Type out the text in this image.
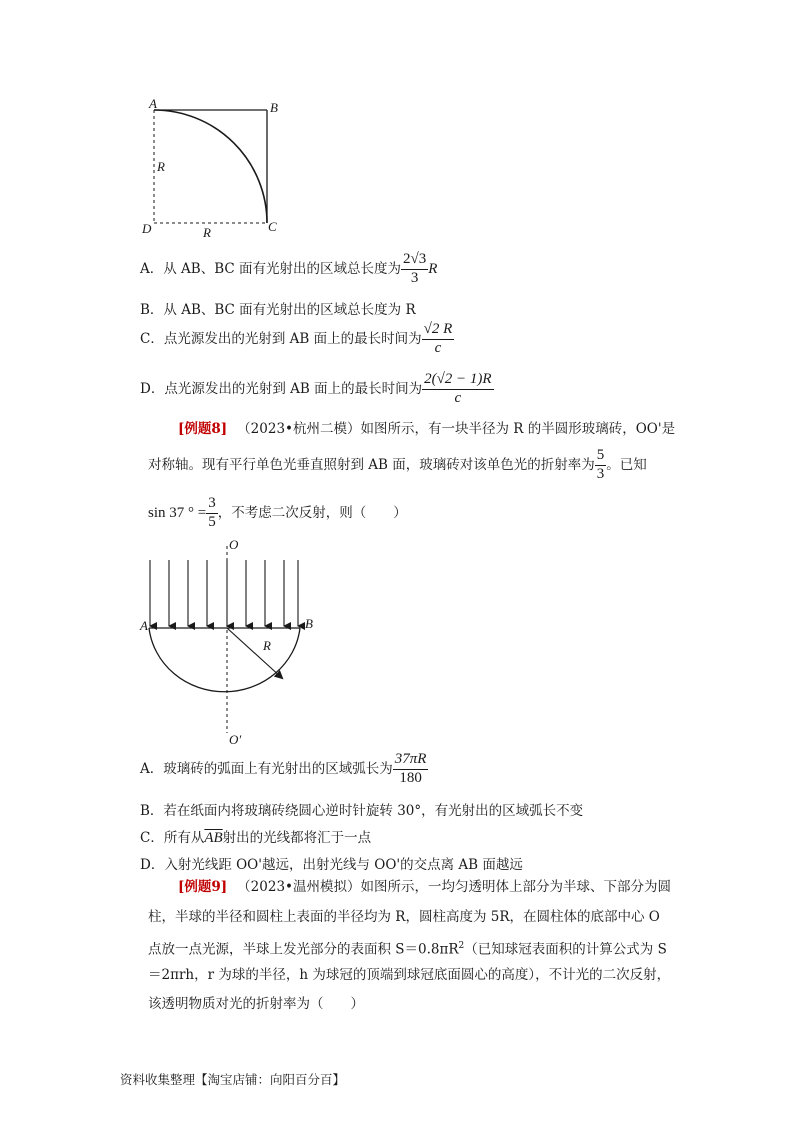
A	B
C
D
R
R
A．从 AB、BC 面有光射出的区域总长度为 $\frac{2√3}{3}$ R
B．从 AB、BC 面有光射出的区域总长度为 R
C．点光源发出的光射到 AB 面上的最长时间为 $\frac{√2 R}{c}$
D．点光源发出的光射到 AB 面上的最长时间为 $\frac{2(√2 - 1)R}{c}$
[例题8] （2023•杭州二模）如图所示，有一块半径为 R 的半圆形玻璃砖，OO'是
对称轴。现有平行单色光垂直照射到 AB 面，玻璃砖对该单色光的折射率为 $\frac{5}{3}$ 。已知
sin 37 ° = $\frac{3}{5}$ ，不考虑二次反射，则（　　）
O
O′
A	B
R
A．玻璃砖的弧面上有光射出的区域弧长为 $\frac{37\pi R}{180}$
B．若在纸面内将玻璃砖绕圆心逆时针旋转 30°，有光射出的区域弧长不变
C．所有从$\overline{AB}$射出的光线都将汇于一点
D．入射光线距 OO'越远，出射光线与 OO'的交点离 AB 面越远
[例题9] （2023•温州模拟）如图所示，一均匀透明体上部分为半球、下部分为圆
柱，半球的半径和圆柱上表面的半径均为 R，圆柱高度为 5R，在圆柱体的底部中心 O
点放一点光源，半球上发光部分的表面积 $S=0.8\pi R^2$（已知球冠表面积的计算公式为 S
＝2πrh，r 为球的半径，h 为球冠的顶端到球冠底面圆心的高度），不计光的二次反射，
该透明物质对光的折射率为（　　）
资料收集整理【淘宝店铺：向阳百分百】
